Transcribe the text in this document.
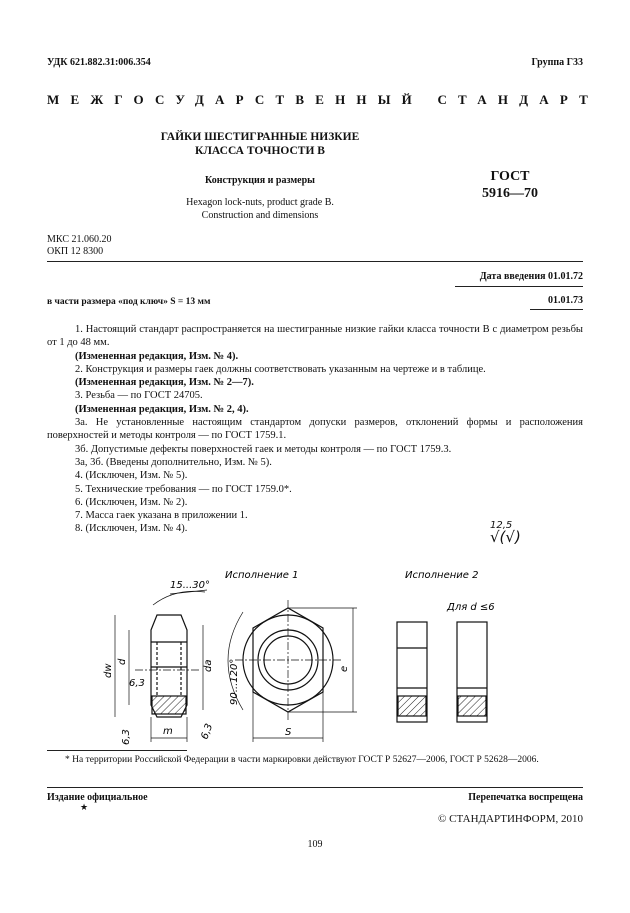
УДК 621.882.31:006.354	Группа Г33
МЕЖГОСУДАРСТВЕННЫЙ СТАНДАРТ
ГАЙКИ ШЕСТИГРАННЫЕ НИЗКИЕ
КЛАССА ТОЧНОСТИ В
Конструкция и размеры
Hexagon lock-nuts, product grade B.
Construction and dimensions
ГОСТ
5916—70
МКС 21.060.20
ОКП 12 8300
Дата введения 01.01.72
в части размера «под ключ» S = 13 мм	01.01.73

1. Настоящий стандарт распространяется на шестигранные низкие гайки класса точности В с диаметром резьбы от 1 до 48 мм.

(Измененная редакция, Изм. № 4).

2. Конструкция и размеры гаек должны соответствовать указанным на чертеже и в таблице.

(Измененная редакция, Изм. № 2—7).

3. Резьба — по ГОСТ 24705.

(Измененная редакция, Изм. № 2, 4).

3а. Не установленные настоящим стандартом допуски размеров, отклонений формы и расположения поверхностей и методы контроля — по ГОСТ 1759.1.

3б. Допустимые дефекты поверхностей гаек и методы контроля — по ГОСТ 1759.3.

3а, 3б. (Введены дополнительно, Изм. № 5).

4. (Исключен, Изм. № 5).

5. Технические требования — по ГОСТ 1759.0*.

6. (Исключен, Изм. № 2).

7. Масса гаек указана в приложении 1.

8. (Исключен, Изм. № 4).	12,5
√(√)
Исполнение 1	Исполнение 2
Для d ≤6
15...30°
90...120°
dw
d	da
6,3
6,3	6,3
m	S
e
* На территории Российской Федерации в части маркировки действуют ГОСТ Р 52627—2006, ГОСТ Р 52628—2006.
Издание официальное
★
Перепечатка воспрещена
© СТАНДАРТИНФОРМ, 2010
109
